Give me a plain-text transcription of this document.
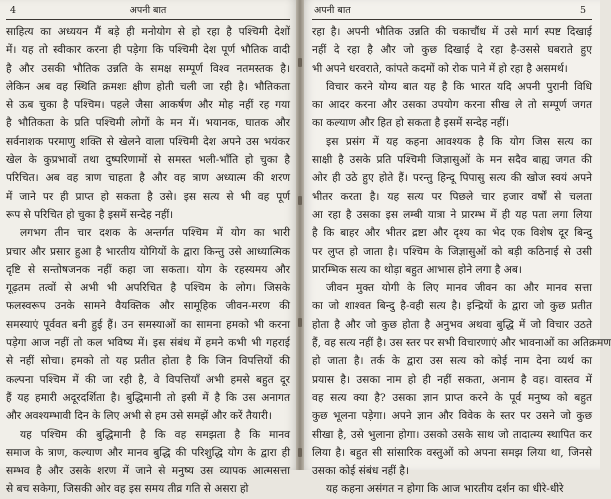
4	अपनी बात
साहित्य का अध्ययन मैं बड़े ही मनोयोग से हो रहा है पश्चिमी देशों
में। यह तो स्वीकार करना ही पड़ेगा कि पश्चिमी देश पूर्ण भौतिक वादी
है और उसकी भौतिक उन्नति के समक्ष सम्पूर्ण विश्व नतमस्तक है।
लेकिन अब वह स्थिति क्रमशः क्षीण होती चली जा रही है। भौतिकता
से ऊब चुका है पश्चिम। पहले जैसा आकर्षण और मोह नहीं रह गया
है भौतिकता के प्रति पश्चिमी लोगों के मन में। भयानक, घातक और
सर्वनाशक परमाणु शक्ति से खेलने वाला पश्चिमी देश अपने उस भयंकर
खेल के कुप्रभावों तथा दुष्परिणामों से समस्त भली-भाँति हो चुका है
परिचित। अब वह त्राण चाहता है और वह त्राण अध्यात्म की शरण
में जाने पर ही प्राप्त हो सकता है उसे। इस सत्य से भी वह पूर्ण
रूप से परिचित हो चुका है इसमें सन्देह नहीं।
लगभग तीन चार दशक के अन्तर्गत पश्चिम में योग का भारी
प्रचार और प्रसार हुआ है भारतीय योगियों के द्वारा किन्तु उसे आध्यात्मिक
दृष्टि से सन्तोषजनक नहीं कहा जा सकता। योग के रहस्यमय और
गूढ़तम तत्वों से अभी भी अपरिचित है पश्चिम के लोग। जिसके
फलस्वरूप उनके सामने वैयक्तिक और सामूहिक जीवन-मरण की
समस्याएं पूर्ववत बनी हुई हैं। उन समस्याओं का सामना हमको भी करना
पड़ेगा आज नहीं तो कल भविष्य में। इस संबंध में हमने कभी भी गहराई
से नहीं सोचा। हमको तो यह प्रतीत होता है कि जिन विपत्तियों की
कल्पना पश्चिम में की जा रही है, वे विपत्तियाँ अभी हमसे बहुत दूर
हैं यह हमारी अदूरदर्शिता है। बुद्धिमानी तो इसी में है कि उस अनागत
और अवश्यम्भावी दिन के लिए अभी से हम उसे समझें और करें तैयारी।
यह पश्चिम की बुद्धिमानी है कि वह समझता है कि मानव
समाज के त्राण, कल्याण और मानव बुद्धि की परिशुद्धि योग के द्वारा ही
सम्भव है और उसके शरण में जाने से मनुष्य उस व्यापक आत्मसत्ता
से बच सकेगा, जिसकी ओर वह इस समय तीव्र गति से असरा हो
अपनी बात	5
रहा है। अपनी भौतिक उन्नति की चकाचौंध में उसे मार्ग स्पष्ट दिखाई
नहीं दे रहा है और जो कुछ दिखाई दे रहा है-उससे घबराते हुए
भी अपने धरवराते, कांपते कदमों को रोक पाने में हो रहा है असमर्थ।
विचार करने योग्य बात यह है कि भारत यदि अपनी पुरानी विधि
का आदर करना और उसका उपयोग करना सीख ले तो सम्पूर्ण जगत
का कल्याण और हित हो सकता है इसमें सन्देह नहीं।
इस प्रसंग में यह कहना आवश्यक है कि योग जिस सत्य का
साक्षी है उसके प्रति पश्चिमी जिज्ञासुओं के मन सदैव बाह्य जगत की
ओर ही उठे हुए होते हैं। परन्तु हिन्दू पिपासु सत्य की खोज स्वयं अपने
भीतर करता है। यह सत्य पर पिछले चार हजार वर्षों से चलता
आ रहा है उसका इस लम्बी यात्रा ने प्रारम्भ में ही यह पता लगा लिया
है कि बाहर और भीतर द्रष्टा और दृश्य का भेद एक विशेष दूर बिन्दु
पर लुप्त हो जाता है। पश्चिम के जिज्ञासुओं को बड़ी कठिनाई से उसी
प्रारम्भिक सत्य का थोड़ा बहुत आभास होने लगा है अब।
जीवन मुक्त योगी के लिए मानव जीवन का और मानव सत्ता
का जो शाश्वत बिन्दु है-वही सत्य है। इन्द्रियों के द्वारा जो कुछ प्रतीत
होता है और जो कुछ होता है अनुभव अथवा बुद्धि में जो विचार उठते
हैं, वह सत्य नहीं है। उस स्तर पर सभी विचारणाएं और भावनाओं का अतिक्रमण
हो जाता है। तर्क के द्वारा उस सत्य को कोई नाम देना व्यर्थ का
प्रयास है। उसका नाम हो ही नहीं सकता, अनाम है वह। वास्तव में
वह सत्य क्या है? उसका ज्ञान प्राप्त करने के पूर्व मनुष्य को बहुत
कुछ भूलना पड़ेगा। अपने ज्ञान और विवेक के स्तर पर उसने जो कुछ
सीखा है, उसे भुलाना होगा। उसको उसके साथ जो तादात्म्य स्थापित कर
लिया है। बहुत सी सांसारिक वस्तुओं को अपना समझ लिया था, जिनसे
उसका कोई संबंध नहीं है।
यह कहना असंगत न होगा कि आज भारतीय दर्शन का धीरे-धीरे
